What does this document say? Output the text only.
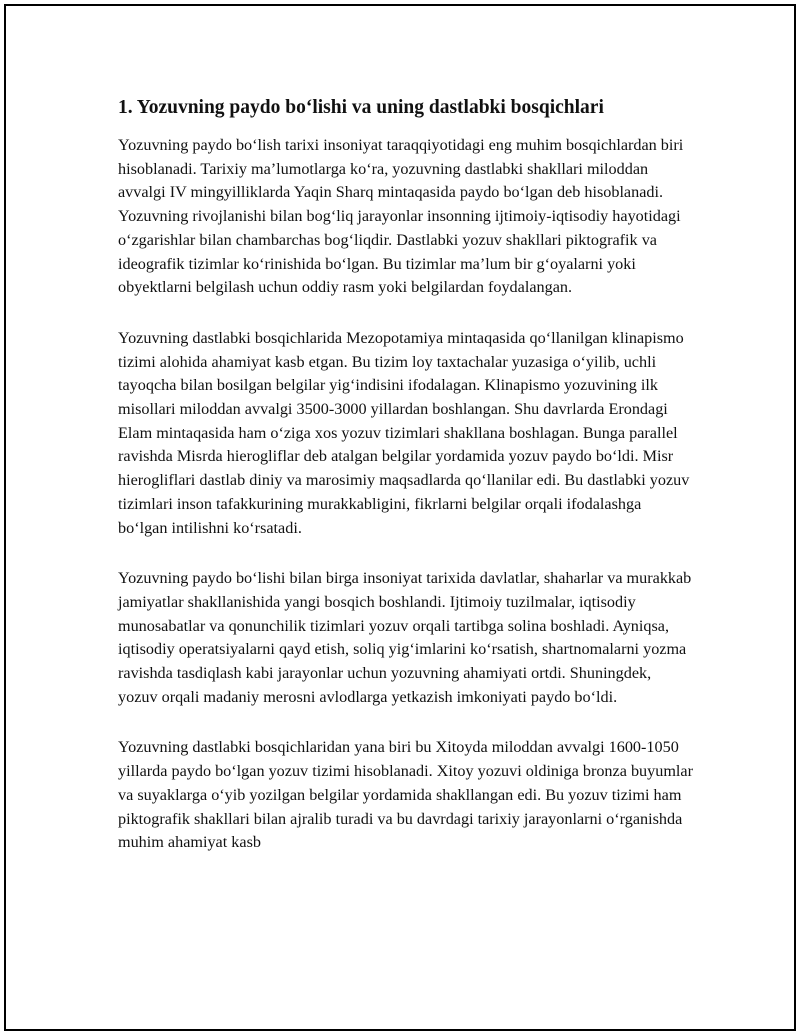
1. Yozuvning paydo bo‘lishi va uning dastlabki bosqichlari

Yozuvning paydo bo‘lish tarixi insoniyat taraqqiyotidagi eng muhim bosqichlardan biri hisoblanadi. Tarixiy ma’lumotlarga ko‘ra, yozuvning dastlabki shakllari miloddan avvalgi IV mingyilliklarda Yaqin Sharq mintaqasida paydo bo‘lgan deb hisoblanadi. Yozuvning rivojlanishi bilan bog‘liq jarayonlar insonning ijtimoiy-iqtisodiy hayotidagi o‘zgarishlar bilan chambarchas bog‘liqdir. Dastlabki yozuv shakllari piktografik va ideografik tizimlar ko‘rinishida bo‘lgan. Bu tizimlar ma’lum bir g‘oyalarni yoki obyektlarni belgilash uchun oddiy rasm yoki belgilardan foydalangan.

Yozuvning dastlabki bosqichlarida Mezopotamiya mintaqasida qo‘llanilgan klinapismo tizimi alohida ahamiyat kasb etgan. Bu tizim loy taxtachalar yuzasiga o‘yilib, uchli tayoqcha bilan bosilgan belgilar yig‘indisini ifodalagan. Klinapismo yozuvining ilk misollari miloddan avvalgi 3500-3000 yillardan boshlangan. Shu davrlarda Erondagi Elam mintaqasida ham o‘ziga xos yozuv tizimlari shakllana boshlagan. Bunga parallel ravishda Misrda hierogliflar deb atalgan belgilar yordamida yozuv paydo bo‘ldi. Misr hierogliflari dastlab diniy va marosimiy maqsadlarda qo‘llanilar edi. Bu dastlabki yozuv tizimlari inson tafakkurining murakkabligini, fikrlarni belgilar orqali ifodalashga bo‘lgan intilishni ko‘rsatadi.

Yozuvning paydo bo‘lishi bilan birga insoniyat tarixida davlatlar, shaharlar va murakkab jamiyatlar shakllanishida yangi bosqich boshlandi. Ijtimoiy tuzilmalar, iqtisodiy munosabatlar va qonunchilik tizimlari yozuv orqali tartibga solina boshladi. Ayniqsa, iqtisodiy operatsiyalarni qayd etish, soliq yig‘imlarini ko‘rsatish, shartnomalarni yozma ravishda tasdiqlash kabi jarayonlar uchun yozuvning ahamiyati ortdi. Shuningdek, yozuv orqali madaniy merosni avlodlarga yetkazish imkoniyati paydo bo‘ldi.

Yozuvning dastlabki bosqichlaridan yana biri bu Xitoyda miloddan avvalgi 1600-1050 yillarda paydo bo‘lgan yozuv tizimi hisoblanadi. Xitoy yozuvi oldiniga bronza buyumlar va suyaklarga o‘yib yozilgan belgilar yordamida shakllangan edi. Bu yozuv tizimi ham piktografik shakllari bilan ajralib turadi va bu davrdagi tarixiy jarayonlarni o‘rganishda muhim ahamiyat kasb
